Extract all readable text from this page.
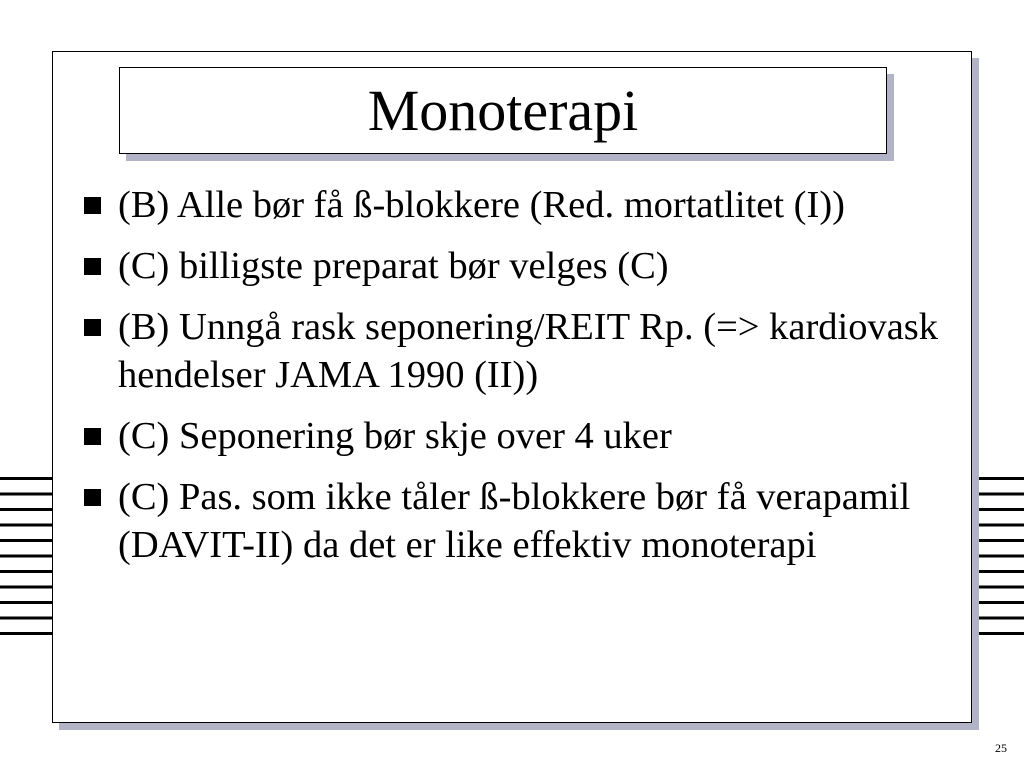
Monoterapi
(B) Alle bør få ß-blokkere (Red. mortatlitet (I))
(C) billigste preparat bør velges (C)
(B) Unngå rask seponering/REIT Rp. (=> kardiovask hendelser JAMA 1990 (II))
(C) Seponering bør skje over 4 uker
(C) Pas. som ikke tåler ß-blokkere bør få verapamil (DAVIT-II) da det er like effektiv monoterapi
25
